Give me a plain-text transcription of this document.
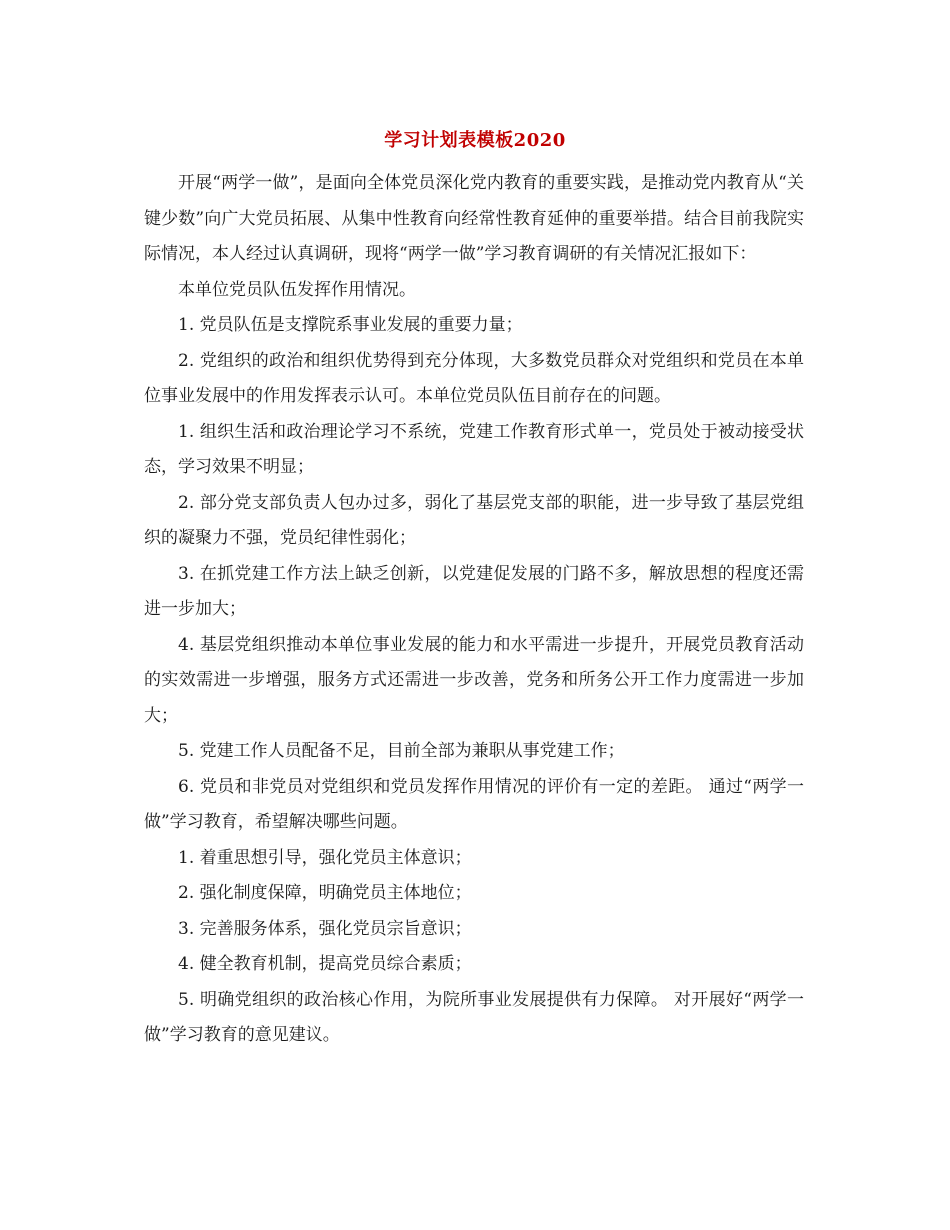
学习计划表模板2020

开展“两学一做”，是面向全体党员深化党内教育的重要实践，是推动党内教育从“关键少数”向广大党员拓展、从集中性教育向经常性教育延伸的重要举措。结合目前我院实际情况，本人经过认真调研，现将“两学一做”学习教育调研的有关情况汇报如下：

本单位党员队伍发挥作用情况。

1. 党员队伍是支撑院系事业发展的重要力量；

2. 党组织的政治和组织优势得到充分体现，大多数党员群众对党组织和党员在本单位事业发展中的作用发挥表示认可。本单位党员队伍目前存在的问题。

1. 组织生活和政治理论学习不系统，党建工作教育形式单一，党员处于被动接受状态，学习效果不明显；

2. 部分党支部负责人包办过多，弱化了基层党支部的职能，进一步导致了基层党组织的凝聚力不强，党员纪律性弱化；

3. 在抓党建工作方法上缺乏创新，以党建促发展的门路不多，解放思想的程度还需进一步加大；

4. 基层党组织推动本单位事业发展的能力和水平需进一步提升，开展党员教育活动的实效需进一步增强，服务方式还需进一步改善，党务和所务公开工作力度需进一步加大；

5. 党建工作人员配备不足，目前全部为兼职从事党建工作；

6. 党员和非党员对党组织和党员发挥作用情况的评价有一定的差距。 通过“两学一做”学习教育，希望解决哪些问题。

1. 着重思想引导，强化党员主体意识；

2. 强化制度保障，明确党员主体地位；

3. 完善服务体系，强化党员宗旨意识；

4. 健全教育机制，提高党员综合素质；

5. 明确党组织的政治核心作用，为院所事业发展提供有力保障。 对开展好“两学一做”学习教育的意见建议。
